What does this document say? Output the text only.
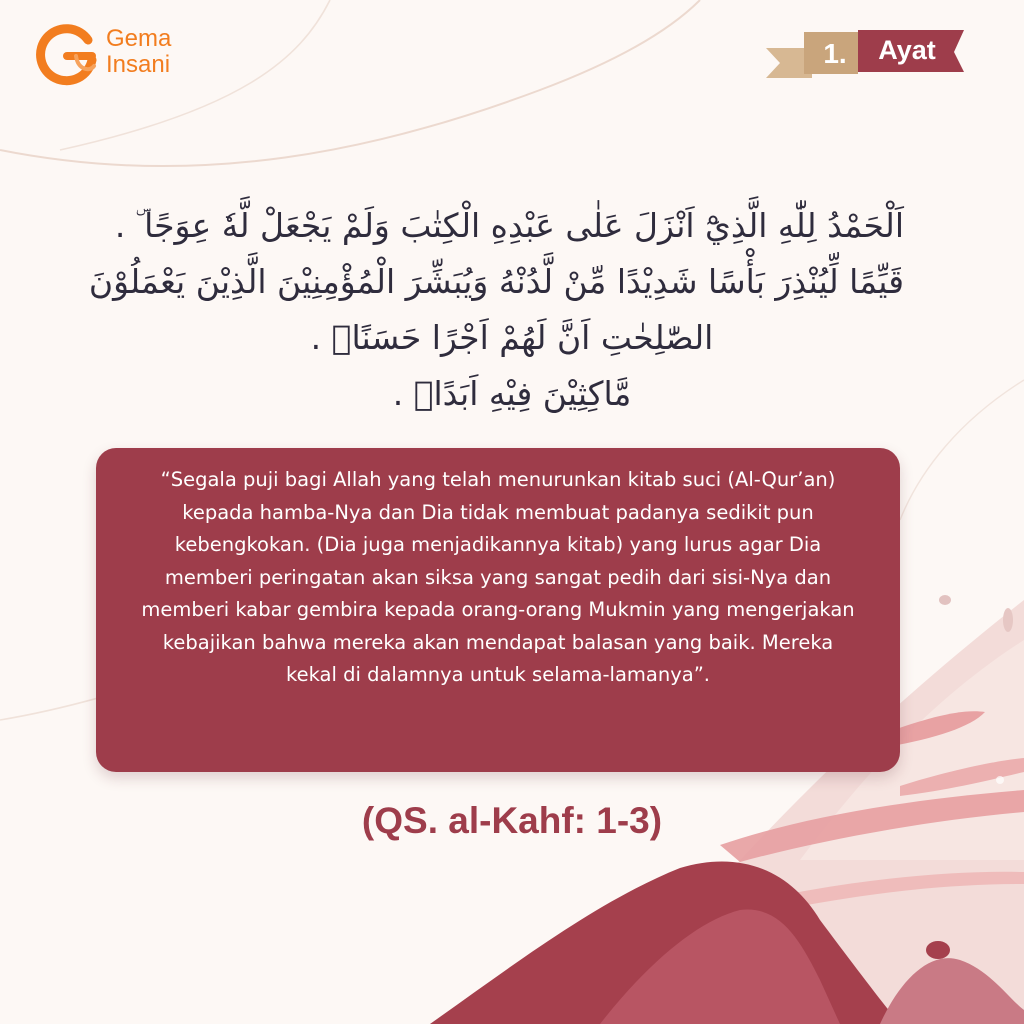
Gema
Insani	1.	Ayat
اَلْحَمْدُ لِلّٰهِ الَّذِيْٓ اَنْزَلَ عَلٰى عَبْدِهِ الْكِتٰبَ وَلَمْ يَجْعَلْ لَّهٗ عِوَجًا ۜ .
قَيِّمًا لِّيُنْذِرَ بَأْسًا شَدِيْدًا مِّنْ لَّدُنْهُ وَيُبَشِّرَ الْمُؤْمِنِيْنَ الَّذِيْنَ يَعْمَلُوْنَ
الصّٰلِحٰتِ اَنَّ لَهُمْ اَجْرًا حَسَنًاۙ .
مَّاكِثِيْنَ فِيْهِ اَبَدًاۙ .
“Segala puji bagi Allah yang telah menurunkan kitab suci (Al-Qur’an) kepada hamba-Nya dan Dia tidak membuat padanya sedikit pun kebengkokan. (Dia juga menjadikannya kitab) yang lurus agar Dia memberi peringatan akan siksa yang sangat pedih dari sisi-Nya dan memberi kabar gembira kepada orang-orang Mukmin yang mengerjakan kebajikan bahwa mereka akan mendapat balasan yang baik. Mereka kekal di dalamnya untuk selama-lamanya”.
(QS. al-Kahf: 1-3)
